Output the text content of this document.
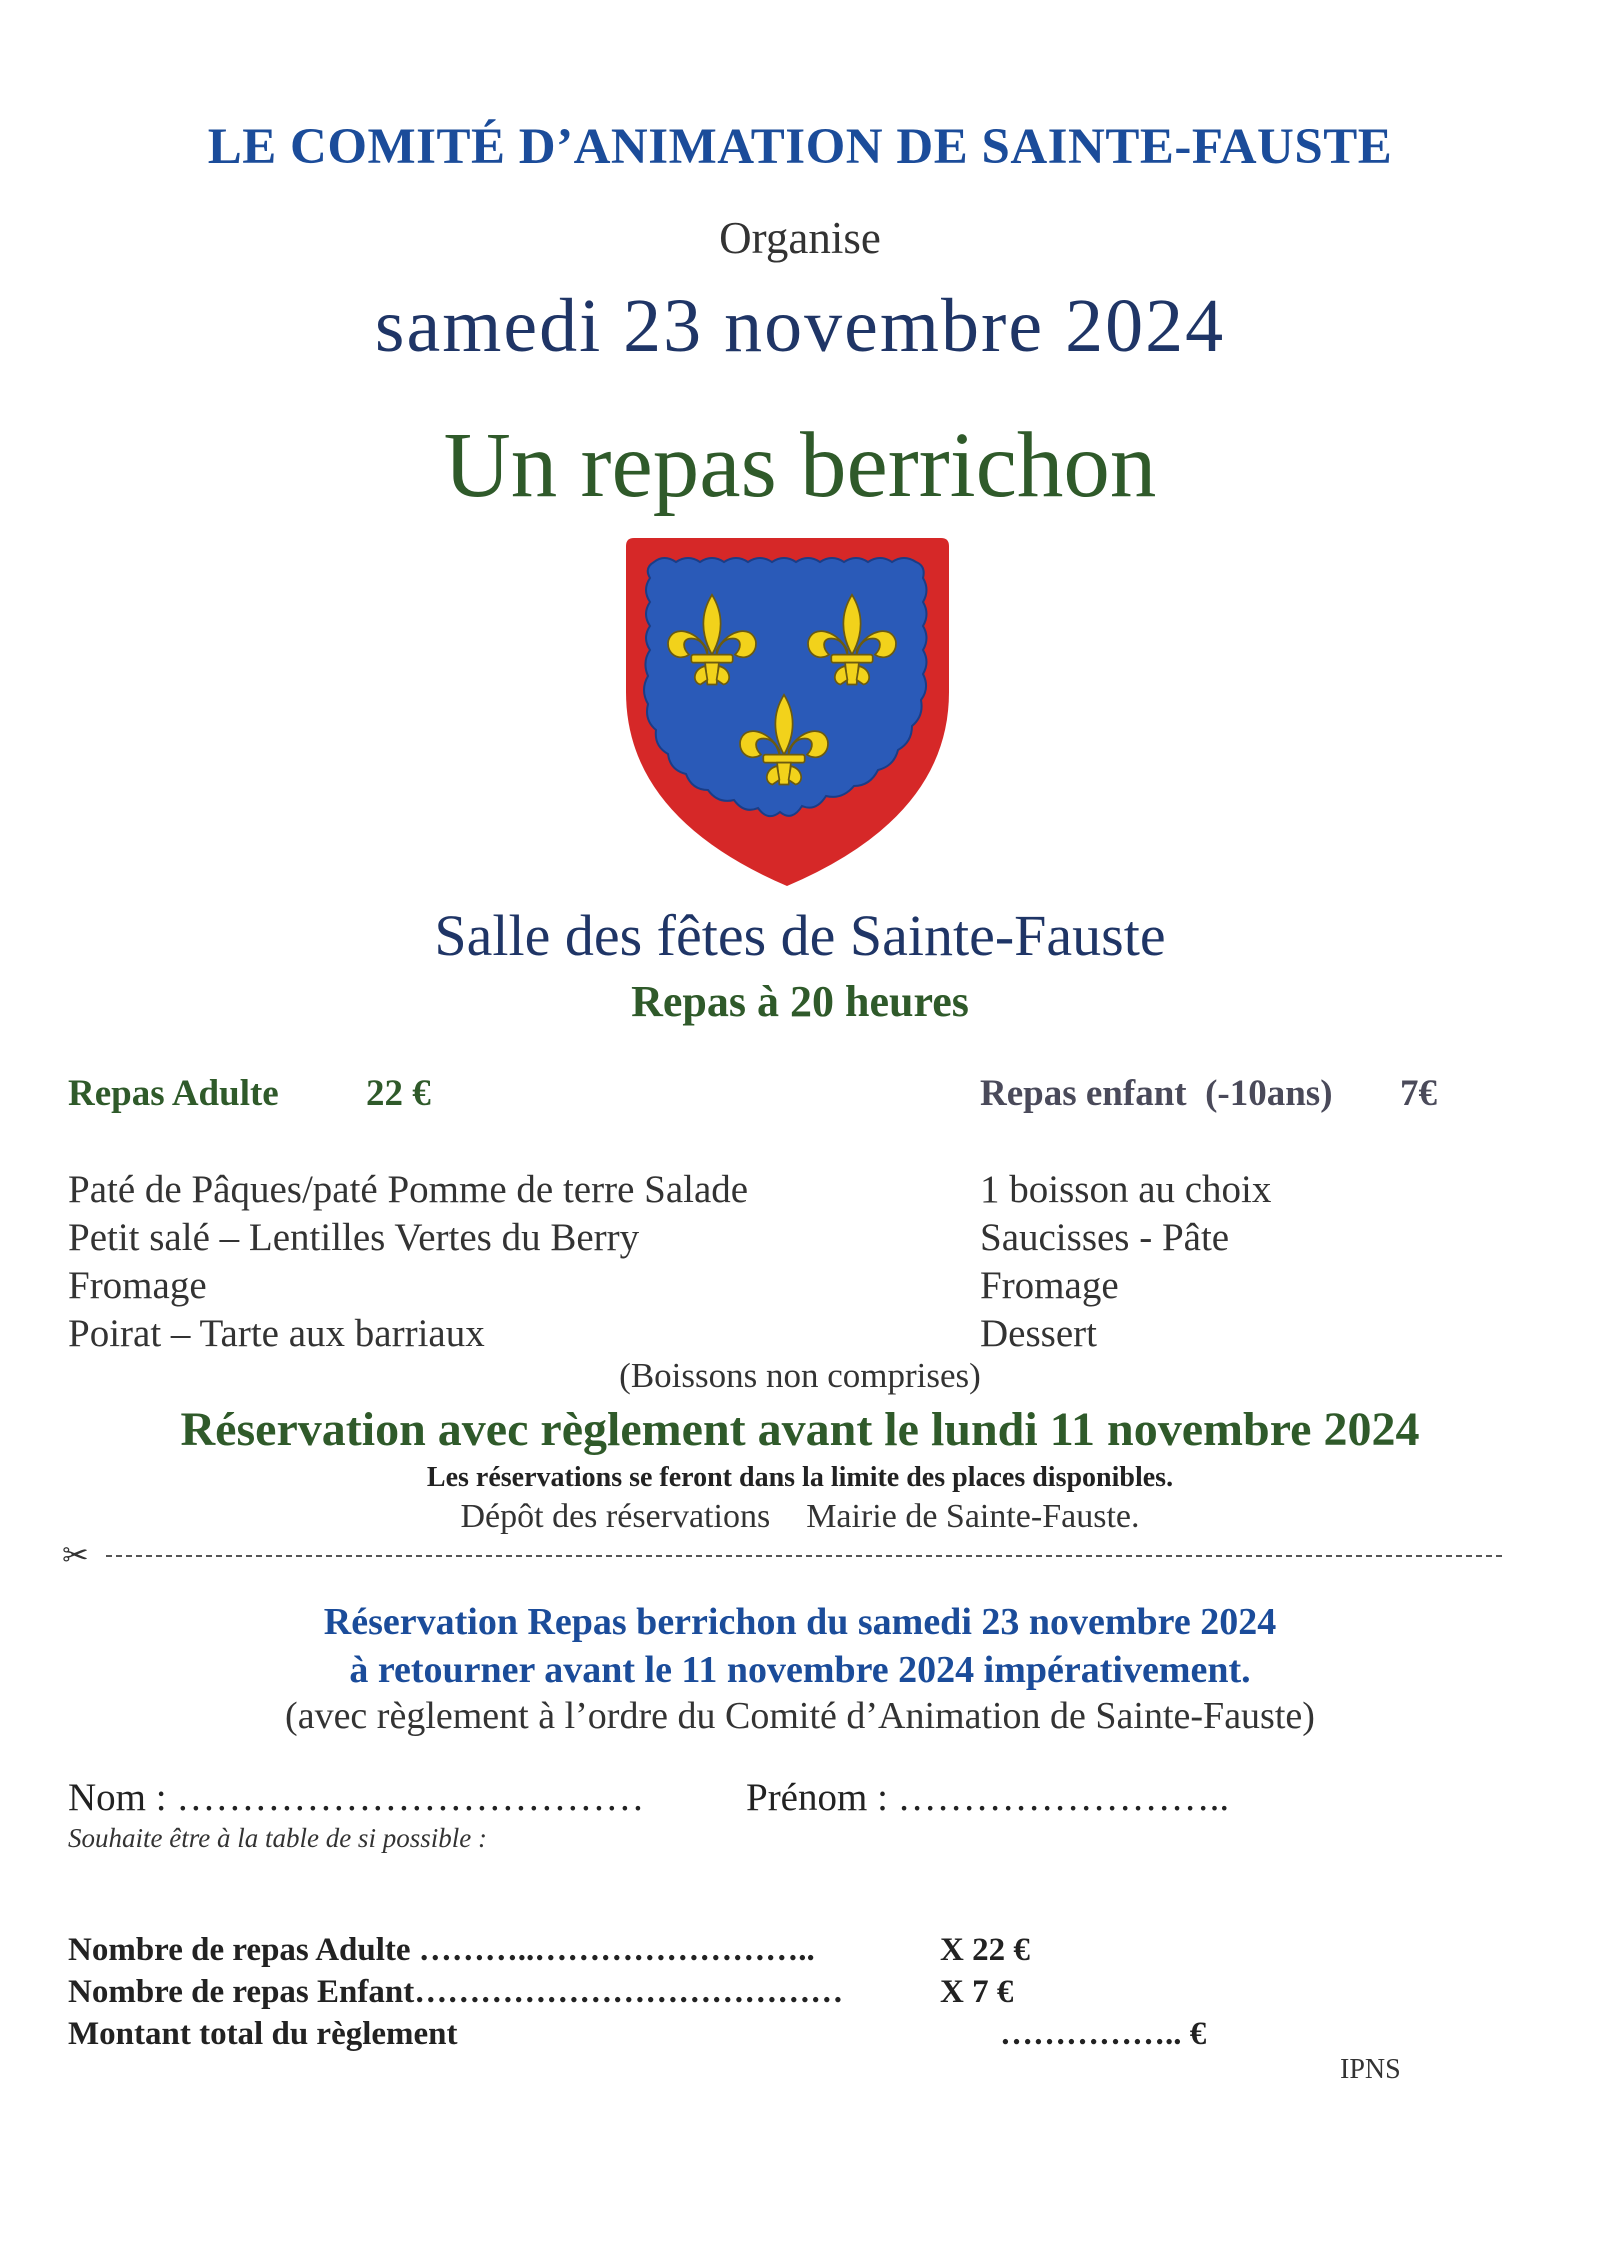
LE COMITÉ D’ANIMATION DE SAINTE-FAUSTE
Organise
samedi 23 novembre 2024
Un repas berrichon
Salle des fêtes de Sainte-Fauste
Repas à 20 heures
Repas Adulte 22 €	Repas enfant  (-10ans) 7€
Paté de Pâques/paté Pomme de terre Salade
Petit salé – Lentilles Vertes du Berry
Fromage
Poirat – Tarte aux barriaux
1 boisson au choix
Saucisses - Pâte
Fromage
Dessert
(Boissons non comprises)
Réservation avec règlement avant le lundi 11 novembre 2024
Les réservations se feront dans la limite des places disponibles.
Dépôt des réservations Mairie de Sainte-Fauste.
✂
Réservation Repas berrichon du samedi 23 novembre 2024
à retourner avant le 11 novembre 2024 impérativement.
(avec règlement à l’ordre du Comité d’Animation de Sainte-Fauste)
Nom : ………………………………	Prénom : ……………………..
Souhaite être à la table de si possible :
Nombre de repas Adulte ………..……………………..	X 22 €
Nombre de repas Enfant…………………………………	X 7 €
Montant total du règlement	…………….. €
IPNS
